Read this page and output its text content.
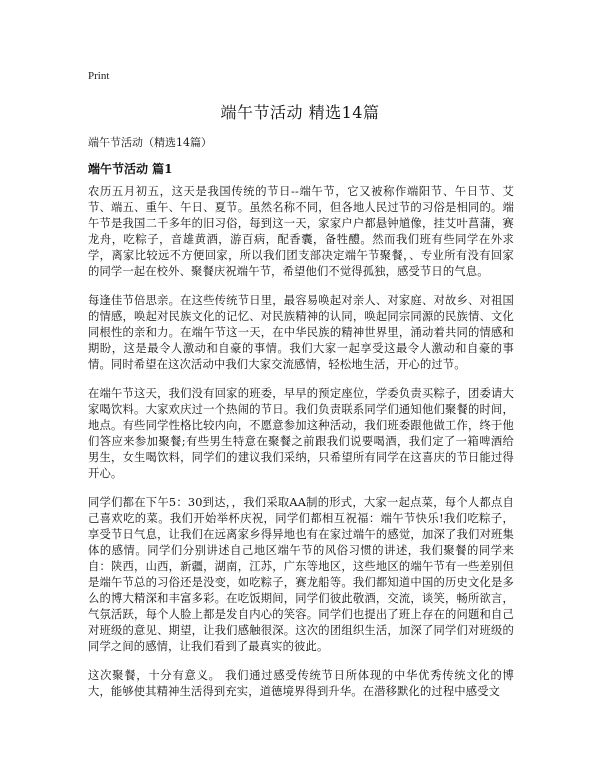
Print
端午节活动 精选14篇

端午节活动（精选14篇）

端午节活动 篇1

农历五月初五，这天是我国传统的节日--端午节，它又被称作端阳节、午日节、艾节、端五、重午、午日、夏节。虽然名称不同，但各地人民过节的习俗是相同的。端午节是我国二千多年的旧习俗，每到这一天，家家户户都悬钟馗像，挂艾叶菖蒲，赛龙舟，吃粽子，音雄黄酒，游百病，配香囊，备牲醴。然而我们班有些同学在外求学，离家比较远不方便回家，所以我们团支部决定端午节聚餐，、专业所有没有回家的同学一起在校外、聚餐庆祝端午节，希望他们不觉得孤独，感受节日的气息。

每逢佳节倍思亲。在这些传统节日里，最容易唤起对亲人、对家庭、对故乡、对祖国的情感，唤起对民族文化的记忆、对民族精神的认同，唤起同宗同源的民族情、文化同根性的亲和力。在端午节这一天，在中华民族的精神世界里，涌动着共同的情感和期盼，这是最令人激动和自豪的事情。我们大家一起享受这最令人激动和自豪的事情。同时希望在这次活动中我们大家交流感情，轻松地生活，开心的过节。

在端午节这天，我们没有回家的班委，早早的预定座位，学委负责买粽子，团委请大家喝饮料。大家欢庆过一个热闹的节日。我们负责联系同学们通知他们聚餐的时间，地点。有些同学性格比较内向，不愿意参加这种活动，我们班委跟他做工作，终于他们答应来参加聚餐;有些男生特意在聚餐之前跟我们说要喝酒，我们定了一箱啤酒给男生，女生喝饮料，同学们的建议我们采纳，只希望所有同学在这喜庆的节日能过得开心。

同学们都在下午5：30到达，，我们采取AA制的形式，大家一起点菜，每个人都点自己喜欢吃的菜。我们开始举杯庆祝，同学们都相互祝福：端午节快乐!我们吃粽子，享受节日气息，让我们在远离家乡得异地也有在家过端午的感觉，加深了我们对班集体的感情。同学们分别讲述自己地区端午节的风俗习惯的讲述，我们聚餐的同学来自：陕西，山西，新疆，湖南，江苏，广东等地区，这些地区的端午节有一些差别但是端午节总的习俗还是没变，如吃粽子，赛龙船等。我们都知道中国的历史文化是多么的博大精深和丰富多彩。在吃饭期间，同学们彼此敬酒，交流，谈笑，畅所欲言，气氛活跃，每个人脸上都是发自内心的笑容。同学们也提出了班上存在的问题和自己对班级的意见、期望，让我们感触很深。这次的团组织生活，加深了同学们对班级的同学之间的感情，让我们看到了最真实的彼此。

这次聚餐，十分有意义。 我们通过感受传统节日所体现的中华优秀传统文化的博大，能够使其精神生活得到充实，道德境界得到升华。在潜移默化的过程中感受文
